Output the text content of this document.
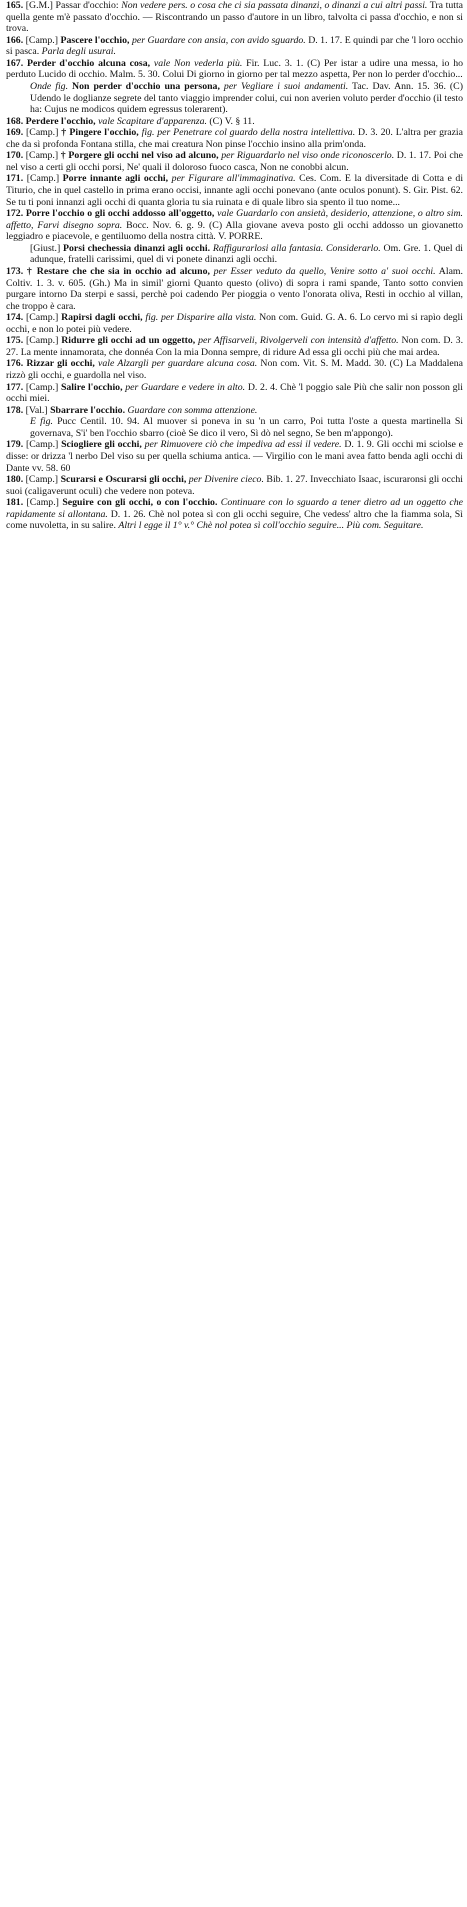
165. [G.M.] Passar d'occhio: Non vedere pers. o cosa che ci sia passata dinanzi, o dinanzi a cui altri passi. Tra tutta quella gente m'è passato d'occhio. — Riscontrando un passo d'autore in un libro, talvolta ci passa d'occhio, e non si trova.

166. [Camp.] Pascere l'occhio, per Guardare con ansia, con avido sguardo. D. 1. 17. E quindi par che 'l loro occhio si pasca. Parla degli usurai.

167. Perder d'occhio alcuna cosa, vale Non vederla più. Fir. Luc. 3. 1. (C) Per istar a udire una messa, io ho perduto Lucido di occhio. Malm. 5. 30. Colui Di giorno in giorno per tal mezzo aspetta, Per non lo perder d'occhio...

Onde fig. Non perder d'occhio una persona, per Vegliare i suoi andamenti. Tac. Dav. Ann. 15. 36. (C) Udendo le doglianze segrete del tanto viaggio imprender colui, cui non averien voluto perder d'occhio (il testo ha: Cujus ne modicos quidem egressus tolerarent).

168. Perdere l'occhio, vale Scapitare d'apparenza. (C) V. § 11.

169. [Camp.] † Pingere l'occhio, fig. per Penetrare col guardo della nostra intellettiva. D. 3. 20. L'altra per grazia che da sì profonda Fontana stilla, che mai creatura Non pinse l'occhio insino alla prim'onda.

170. [Camp.] † Porgere gli occhi nel viso ad alcuno, per Riguardarlo nel viso onde riconoscerlo. D. 1. 17. Poi che nel viso a certi gli occhi porsi, Ne' quali il doloroso fuoco casca, Non ne conobbi alcun.

171. [Camp.] Porre innante agli occhi, per Figurare all'immaginativa. Ces. Com. E la diversitade di Cotta e di Titurio, che in quel castello in prima erano occisi, innante agli occhi ponevano (ante oculos ponunt). S. Gir. Pist. 62. Se tu ti poni innanzi agli occhi di quanta gloria tu sia ruinata e di quale libro sia spento il tuo nome...

172. Porre l'occhio o gli occhi addosso all'oggetto, vale Guardarlo con ansietà, desiderio, attenzione, o altro sim. affetto, Farvi disegno sopra. Bocc. Nov. 6. g. 9. (C) Alla giovane aveva posto gli occhi addosso un giovanetto leggiadro e piacevole, e gentiluomo della nostra città. V. PORRE.

[Giust.] Porsi chechessia dinanzi agli occhi. Raffigurarlosi alla fantasia. Considerarlo. Om. Gre. 1. Quel di adunque, fratelli carissimi, quel di vi ponete dinanzi agli occhi.

173. † Restare che che sia in occhio ad alcuno, per Esser veduto da quello, Venire sotto a' suoi occhi. Alam. Coltiv. 1. 3. v. 605. (Gh.) Ma in simil' giorni Quanto questo (olivo) di sopra i rami spande, Tanto sotto convien purgare intorno Da sterpi e sassi, perchè poi cadendo Per pioggia o vento l'onorata oliva, Resti in occhio al villan, che troppo è cara.

174. [Camp.] Rapirsi dagli occhi, fig. per Disparire alla vista. Non com. Guid. G. A. 6. Lo cervo mi si rapìo degli occhi, e non lo potei più vedere.

175. [Camp.] Ridurre gli occhi ad un oggetto, per Affisarveli, Rivolgerveli con intensità d'affetto. Non com. D. 3. 27. La mente innamorata, che donnéa Con la mia Donna sempre, di ridure Ad essa gli occhi più che mai ardea.

176. Rizzar gli occhi, vale Alzargli per guardare alcuna cosa. Non com. Vit. S. M. Madd. 30. (C) La Maddalena rizzò gli occhi, e guardolla nel viso.

177. [Camp.] Salire l'occhio, per Guardare e vedere in alto. D. 2. 4. Chè 'l poggio sale Più che salir non posson gli occhi miei.

178. [Val.] Sbarrare l'occhio. Guardare con somma attenzione.

E fig. Pucc Centil. 10. 94. Al muover si poneva in su 'n un carro, Poi tutta l'oste a questa martinella Si governava, S'i' ben l'occhio sbarro (cioè Se dico il vero, Sì dò nel segno, Se ben m'appongo).

179. [Camp.] Sciogliere gli occhi, per Rimuovere ciò che impediva ad essi il vedere. D. 1. 9. Gli occhi mi sciolse e disse: or drizza 'l nerbo Del viso su per quella schiuma antica. — Virgilio con le mani avea fatto benda agli occhi di Dante vv. 58. 60

180. [Camp.] Scurarsi e Oscurarsi gli occhi, per Divenire cieco. Bib. 1. 27. Invecchiato Isaac, iscuraronsi gli occhi suoi (caligaverunt oculi) che vedere non poteva.

181. [Camp.] Seguire con gli occhi, o con l'occhio. Continuare con lo sguardo a tener dietro ad un oggetto che rapidamente si allontana. D. 1. 26. Chè nol potea sì con gli occhi seguire, Che vedess' altro che la fiamma sola, Sì come nuvoletta, in su salire. Altri l egge il 1° v.° Chè nol potea sì coll'occhio seguire... Più com. Seguitare.
